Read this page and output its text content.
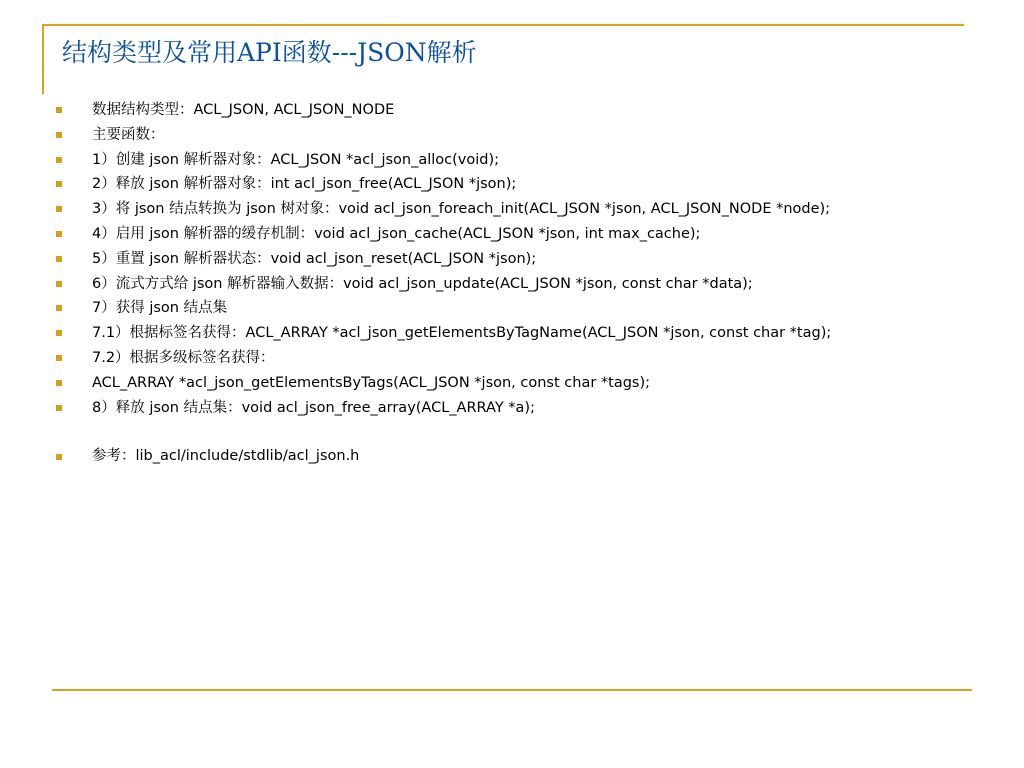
结构类型及常用API函数---JSON解析
数据结构类型：ACL_JSON, ACL_JSON_NODE
主要函数：
1）创建 json 解析器对象：ACL_JSON *acl_json_alloc(void);
2）释放 json 解析器对象：int acl_json_free(ACL_JSON *json);
3）将 json 结点转换为 json 树对象：void acl_json_foreach_init(ACL_JSON *json, ACL_JSON_NODE *node);
4）启用 json 解析器的缓存机制：void acl_json_cache(ACL_JSON *json, int max_cache);
5）重置 json 解析器状态：void acl_json_reset(ACL_JSON *json);
6）流式方式给 json 解析器输入数据：void acl_json_update(ACL_JSON *json, const char *data);
7）获得 json 结点集
7.1）根据标签名获得：ACL_ARRAY *acl_json_getElementsByTagName(ACL_JSON *json, const char *tag);
7.2）根据多级标签名获得：
ACL_ARRAY *acl_json_getElementsByTags(ACL_JSON *json, const char *tags);
8）释放 json 结点集：void acl_json_free_array(ACL_ARRAY *a);
参考：lib_acl/include/stdlib/acl_json.h
